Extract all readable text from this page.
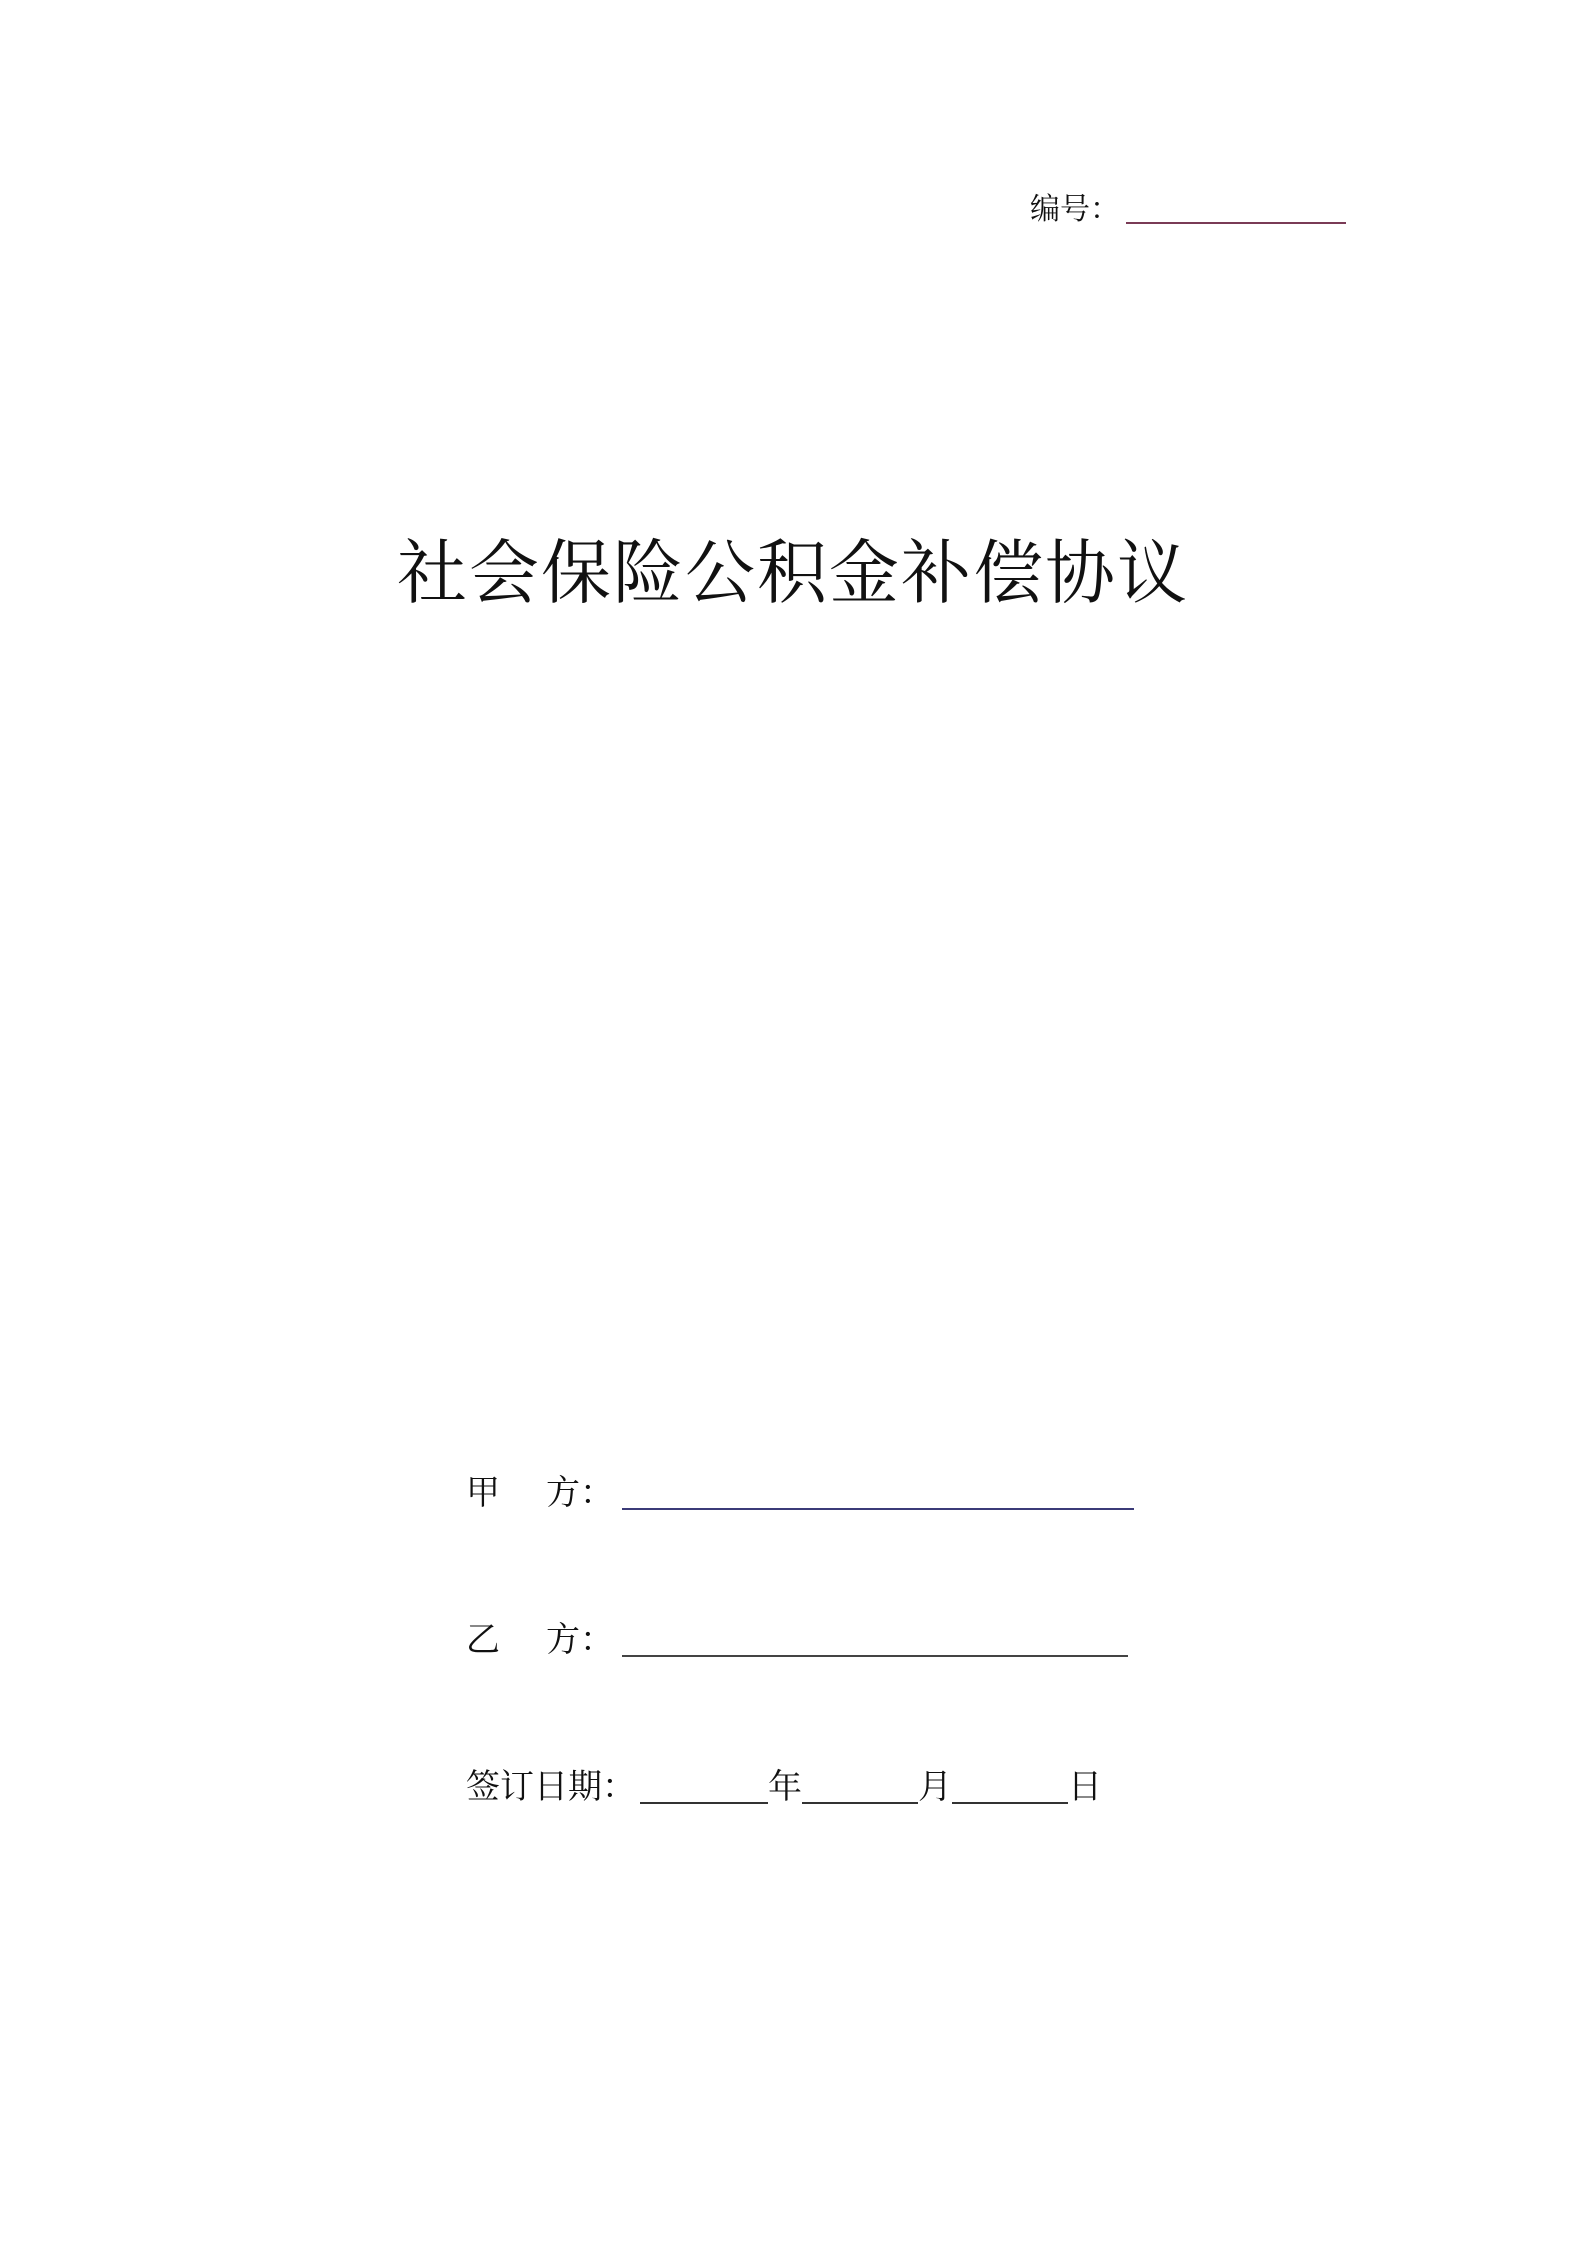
编号：
社会保险公积金补偿协议
甲 方：
乙 方：
签订日期：	年	月	日
